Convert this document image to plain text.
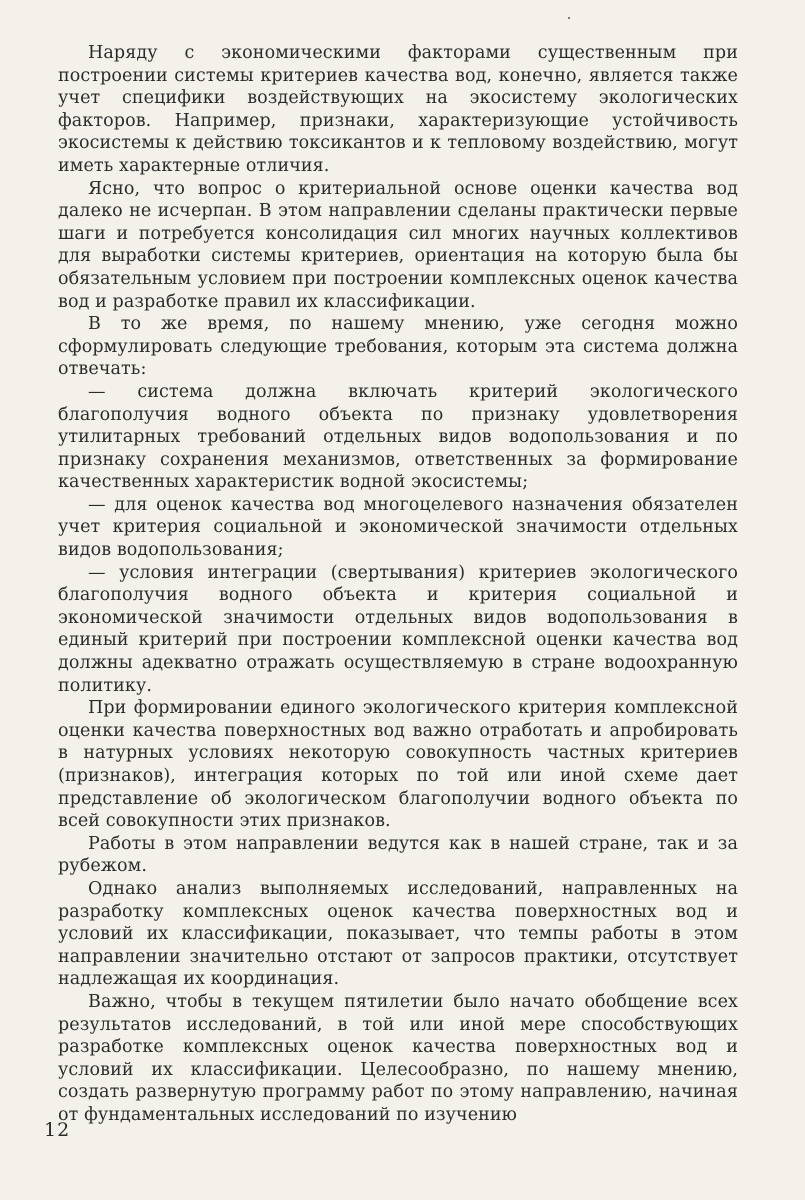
Наряду с экономическими факторами существенным при построении системы критериев качества вод, конечно, является также учет специфики воздействующих на экосистему экологических факторов. Например, признаки, характеризующие устойчивость экосистемы к действию токсикантов и к тепловому воздействию, могут иметь характерные отличия.

Ясно, что вопрос о критериальной основе оценки качества вод далеко не исчерпан. В этом направлении сделаны практически первые шаги и потребуется консолидация сил многих научных коллективов для выработки системы критериев, ориентация на которую была бы обязательным условием при построении комплексных оценок качества вод и разработке правил их классификации.

В то же время, по нашему мнению, уже сегодня можно сформулировать следующие требования, которым эта система должна отвечать:

— система должна включать критерий экологического благополучия водного объекта по признаку удовлетворения утилитарных требований отдельных видов водопользования и по признаку сохранения механизмов, ответственных за формирование качественных характеристик водной экосистемы;

— для оценок качества вод многоцелевого назначения обязателен учет критерия социальной и экономической значимости отдельных видов водопользования;

— условия интеграции (свертывания) критериев экологического благополучия водного объекта и критерия социальной и экономической значимости отдельных видов водопользования в единый критерий при построении комплексной оценки качества вод должны адекватно отражать осуществляемую в стране водоохранную политику.

При формировании единого экологического критерия комплексной оценки качества поверхностных вод важно отработать и апробировать в натурных условиях некоторую совокупность частных критериев (признаков), интеграция которых по той или иной схеме дает представление об экологическом благополучии водного объекта по всей совокупности этих признаков.

Работы в этом направлении ведутся как в нашей стране, так и за рубежом.

Однако анализ выполняемых исследований, направленных на разработку комплексных оценок качества поверхностных вод и условий их классификации, показывает, что темпы работы в этом направлении значительно отстают от запросов практики, отсутствует надлежащая их координация.

Важно, чтобы в текущем пятилетии было начато обобщение всех результатов исследований, в той или иной мере способствующих разработке комплексных оценок качества поверхностных вод и условий их классификации. Целесообразно, по нашему мнению, создать развернутую программу работ по этому направлению, начиная от фундаментальных исследований по изучению

12
